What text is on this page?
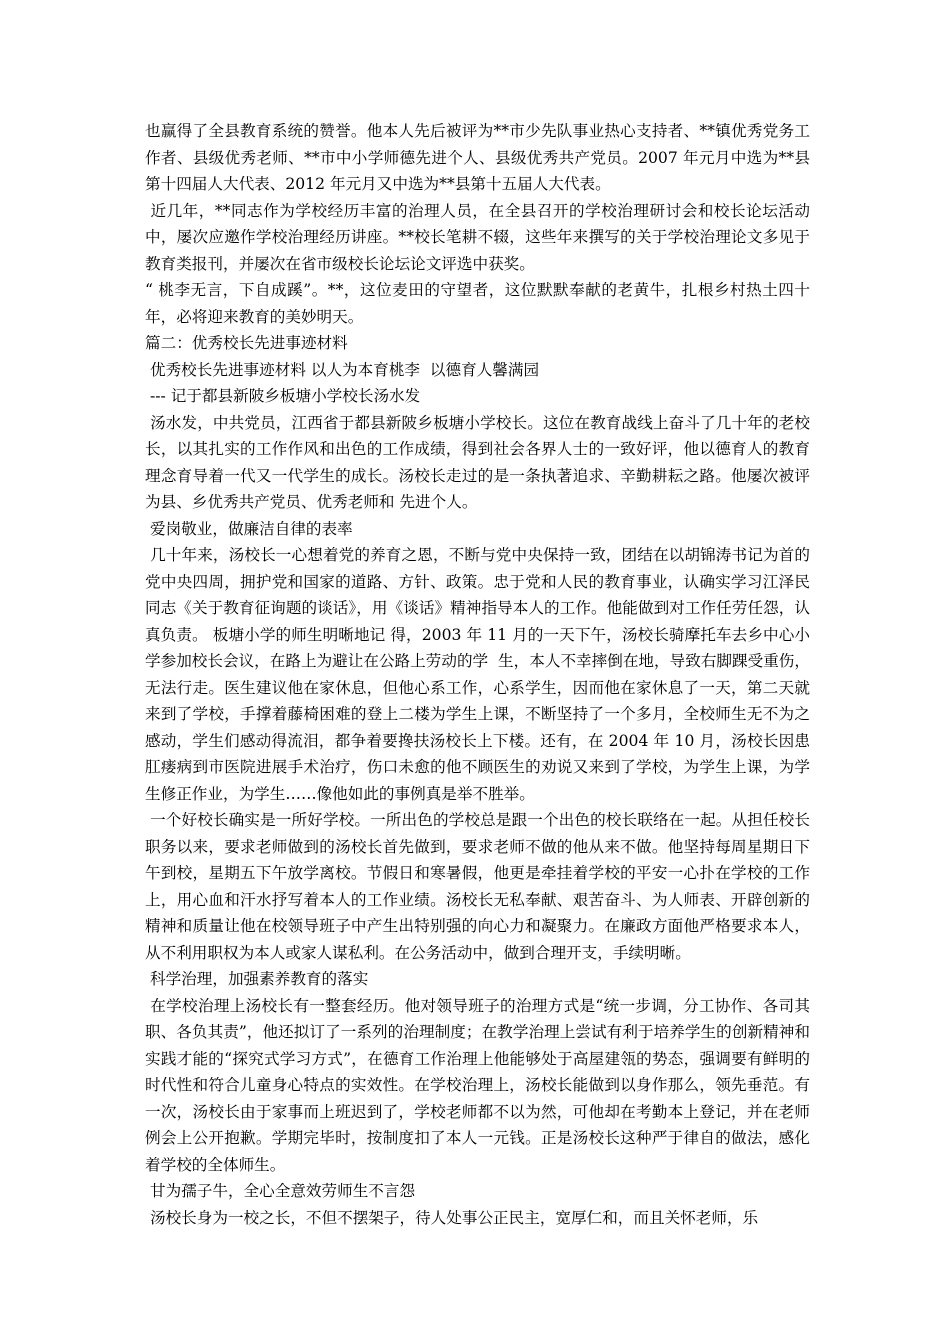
也赢得了全县教育系统的赞誉。他本人先后被评为**市少先队事业热心支持者、**镇优秀党务工作者、县级优秀老师、**市中小学师德先进个人、县级优秀共产党员。2007 年元月中选为**县第十四届人大代表、2012 年元月又中选为**县第十五届人大代表。

近几年，**同志作为学校经历丰富的治理人员，在全县召开的学校治理研讨会和校长论坛活动中，屡次应邀作学校治理经历讲座。**校长笔耕不辍，这些年来撰写的关于学校治理论文多见于教育类报刊，并屡次在省市级校长论坛论文评选中获奖。

“ 桃李无言，下自成蹊”。**，这位麦田的守望者，这位默默奉献的老黄牛，扎根乡村热土四十年，必将迎来教育的美妙明天。

篇二：优秀校长先进事迹材料

优秀校长先进事迹材料 以人为本育桃李  以德育人馨满园

--- 记于都县新陂乡板塘小学校长汤水发

汤水发，中共党员，江西省于都县新陂乡板塘小学校长。这位在教育战线上奋斗了几十年的老校长，以其扎实的工作作风和出色的工作成绩，得到社会各界人士的一致好评，他以德育人的教育理念育导着一代又一代学生的成长。汤校长走过的是一条执著追求、辛勤耕耘之路。他屡次被评为县、乡优秀共产党员、优秀老师和 先进个人。

爱岗敬业，做廉洁自律的表率

几十年来，汤校长一心想着党的养育之恩，不断与党中央保持一致，团结在以胡锦涛书记为首的党中央四周，拥护党和国家的道路、方针、政策。忠于党和人民的教育事业，认确实学习江泽民同志《关于教育征询题的谈话》，用《谈话》精神指导本人的工作。他能做到对工作任劳任怨，认真负责。 板塘小学的师生明晰地记 得，2003 年 11 月的一天下午，汤校长骑摩托车去乡中心小学参加校长会议，在路上为避让在公路上劳动的学  生，本人不幸摔倒在地，导致右脚踝受重伤，无法行走。医生建议他在家休息，但他心系工作，心系学生，因而他在家休息了一天，第二天就来到了学校，手撑着藤椅困难的登上二楼为学生上课，不断坚持了一个多月，全校师生无不为之感动，学生们感动得流泪，都争着要搀扶汤校长上下楼。还有，在 2004 年 10 月，汤校长因患肛瘘病到市医院进展手术治疗，伤口未愈的他不顾医生的劝说又来到了学校，为学生上课，为学生修正作业，为学生……像他如此的事例真是举不胜举。

一个好校长确实是一所好学校。一所出色的学校总是跟一个出色的校长联络在一起。从担任校长职务以来，要求老师做到的汤校长首先做到，要求老师不做的他从来不做。他坚持每周星期日下午到校，星期五下午放学离校。节假日和寒暑假，他更是牵挂着学校的平安一心扑在学校的工作上，用心血和汗水抒写着本人的工作业绩。汤校长无私奉献、艰苦奋斗、为人师表、开辟创新的精神和质量让他在校领导班子中产生出特别强的向心力和凝聚力。在廉政方面他严格要求本人，从不利用职权为本人或家人谋私利。在公务活动中，做到合理开支，手续明晰。

科学治理，加强素养教育的落实

在学校治理上汤校长有一整套经历。他对领导班子的治理方式是“统一步调，分工协作、各司其职、各负其责”，他还拟订了一系列的治理制度；在教学治理上尝试有利于培养学生的创新精神和实践才能的“探究式学习方式”，在德育工作治理上他能够处于高屋建瓴的势态，强调要有鲜明的时代性和符合儿童身心特点的实效性。在学校治理上，汤校长能做到以身作那么，领先垂范。有一次，汤校长由于家事而上班迟到了，学校老师都不以为然，可他却在考勤本上登记，并在老师例会上公开抱歉。学期完毕时，按制度扣了本人一元钱。正是汤校长这种严于律自的做法，感化着学校的全体师生。

甘为孺子牛，全心全意效劳师生不言怨

汤校长身为一校之长，不但不摆架子，待人处事公正民主，宽厚仁和，而且关怀老师，乐
